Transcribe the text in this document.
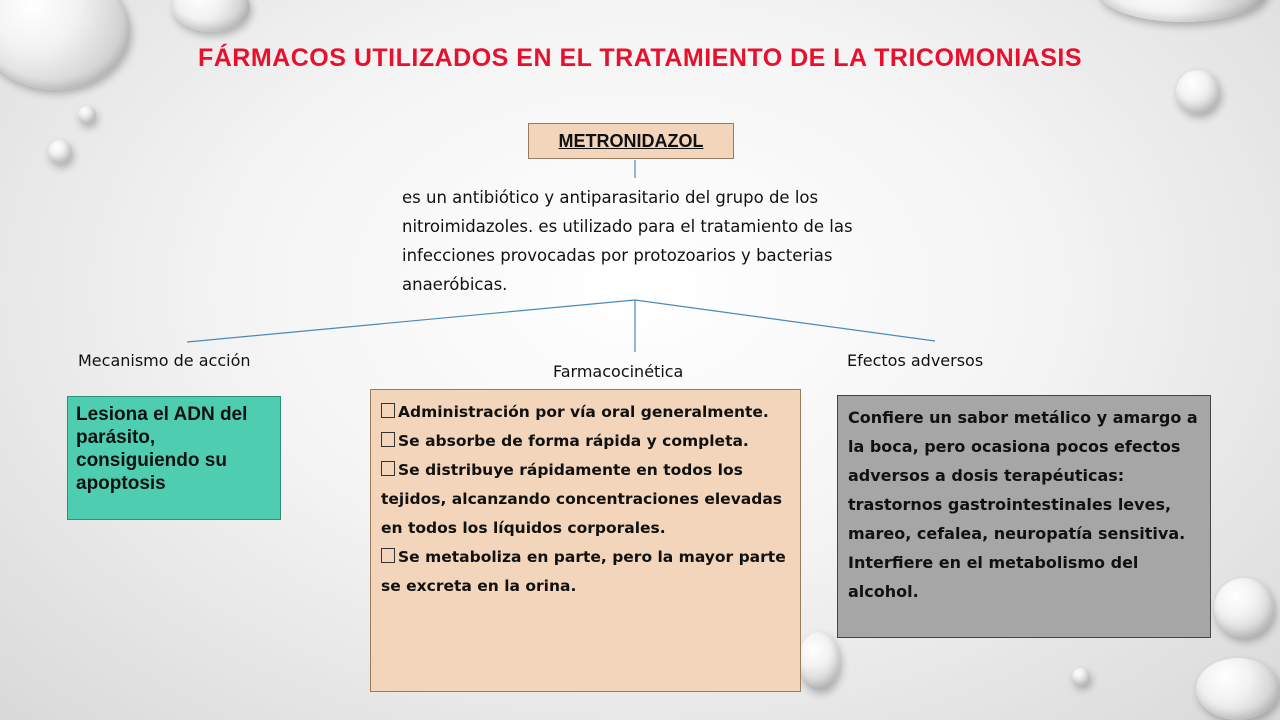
FÁRMACOS UTILIZADOS EN EL TRATAMIENTO DE LA TRICOMONIASIS
METRONIDAZOL
es un antibiótico y antiparasitario del grupo de los nitroimidazoles. es utilizado para el tratamiento de las infecciones provocadas por protozoarios y bacterias anaeróbicas.
Mecanismo de acción
Farmacocinética
Efectos adversos
Lesiona el ADN del parásito, consiguiendo su apoptosis

Administración por vía oral generalmente.

Se absorbe de forma rápida y completa.

Se distribuye rápidamente en todos los tejidos, alcanzando concentraciones elevadas en todos los líquidos corporales.

Se metaboliza en parte, pero la mayor parte se excreta en la orina.

Confiere un sabor metálico y amargo a la boca, pero ocasiona pocos efectos adversos a dosis terapéuticas: trastornos gastrointestinales leves, mareo, cefalea, neuropatía sensitiva. Interfiere en el metabolismo del alcohol.
